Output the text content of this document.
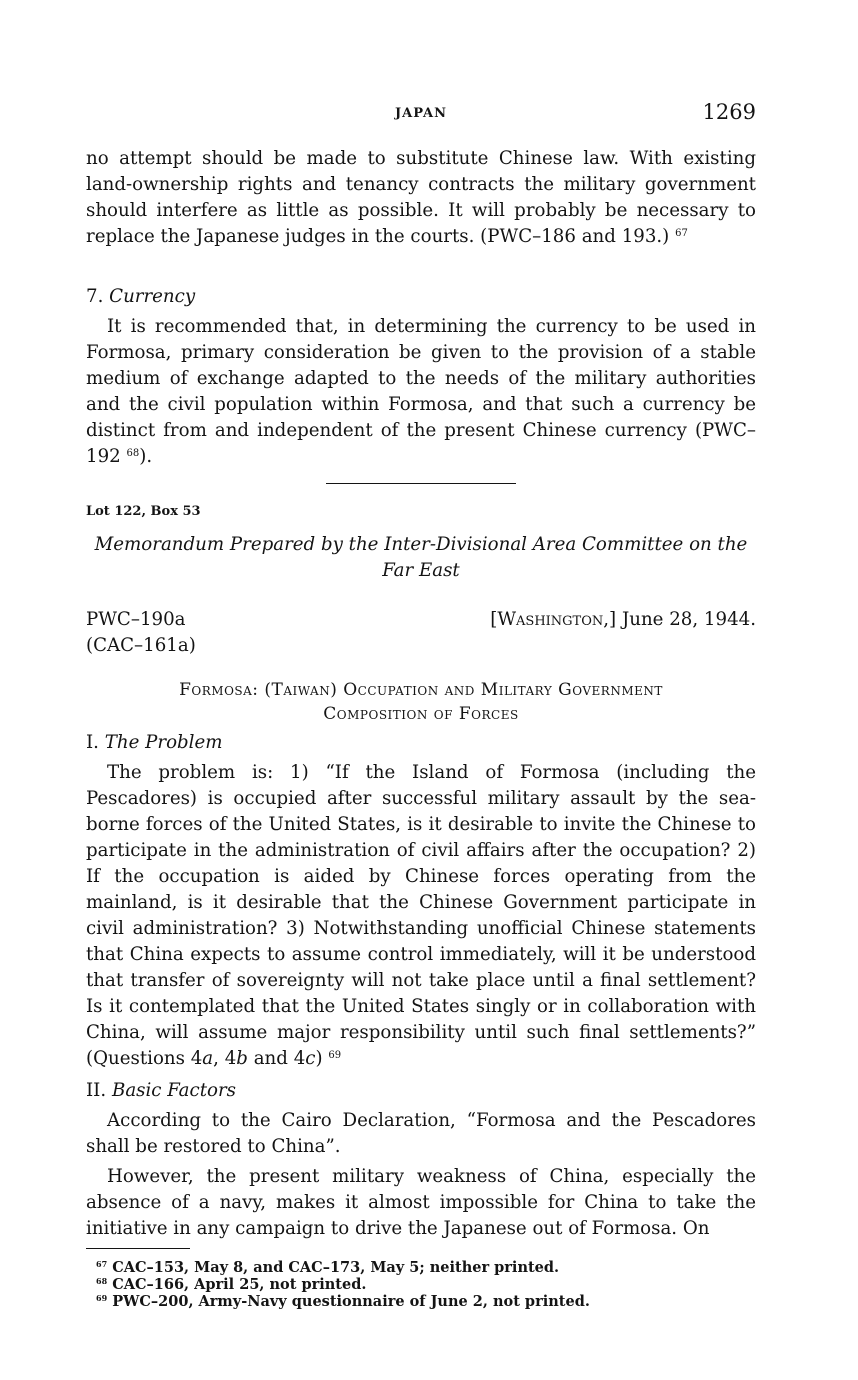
JAPAN	1269

no attempt should be made to substitute Chinese law. With existing land-ownership rights and tenancy contracts the military government should interfere as little as possible. It will probably be necessary to replace the Japanese judges in the courts. (PWC–186 and 193.) $^{67}$

7. Currency

It is recommended that, in determining the currency to be used in Formosa, primary consideration be given to the provision of a stable medium of exchange adapted to the needs of the military authorities and the civil population within Formosa, and that such a currency be distinct from and independent of the present Chinese currency (PWC–192 $^{68}$).

Lot 122, Box 53

Memorandum Prepared by the Inter-Divisional Area Committee on the Far East

PWC–190a
(CAC–161a)
[Washington,] June 28, 1944.

Formosa: (Taiwan) Occupation and Military Government

Composition of Forces

I. The Problem

The problem is: 1) “If the Island of Formosa (including the Pescadores) is occupied after successful military assault by the sea-borne forces of the United States, is it desirable to invite the Chinese to participate in the administration of civil affairs after the occupation? 2) If the occupation is aided by Chinese forces operating from the mainland, is it desirable that the Chinese Government participate in civil administration? 3) Notwithstanding unofficial Chinese statements that China expects to assume control immediately, will it be understood that transfer of sovereignty will not take place until a final settlement? Is it contemplated that the United States singly or in collaboration with China, will assume major responsibility until such final settlements?” (Questions 4a, 4b and 4c) $^{69}$

II. Basic Factors

According to the Cairo Declaration, “Formosa and the Pescadores shall be restored to China”.

However, the present military weakness of China, especially the absence of a navy, makes it almost impossible for China to take the initiative in any campaign to drive the Japanese out of Formosa. On

$^{67}$ CAC–153, May 8, and CAC–173, May 5; neither printed.

$^{68}$ CAC–166, April 25, not printed.

$^{69}$ PWC–200, Army-Navy questionnaire of June 2, not printed.
